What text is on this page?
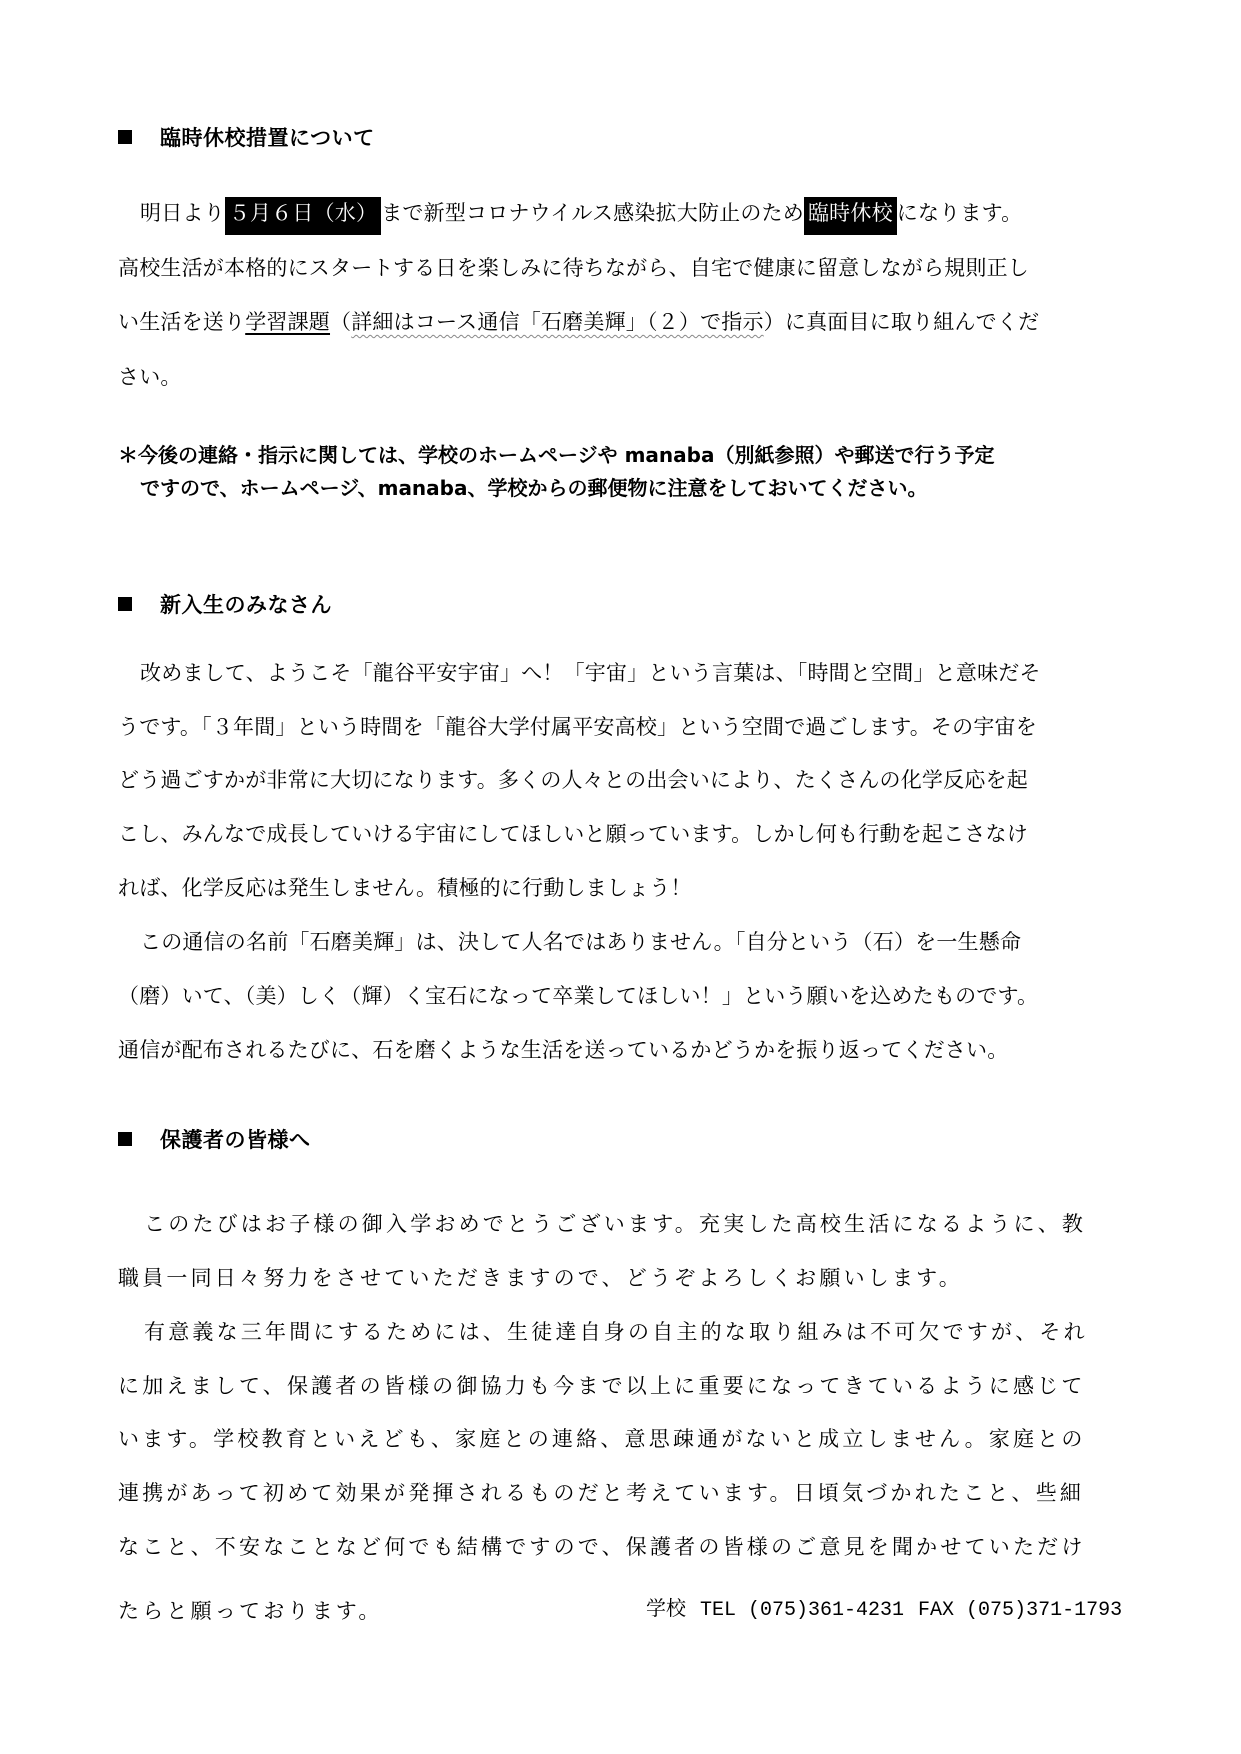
臨時休校措置について
明日より ５月６日（水） まで新型コロナウイルス感染拡大防止のため 臨時休校 になります。
高校生活が本格的にスタートする日を楽しみに待ちながら、自宅で健康に留意しながら規則正し
い生活を送り学習課題（詳細はコース通信「石磨美輝」（２）で指示）に真面目に取り組んでくだ
さい。
＊今後の連絡・指示に関しては、学校のホームページや manaba（別紙参照）や郵送で行う予定
ですので、ホームページ、manaba、学校からの郵便物に注意をしておいてください。
新入生のみなさん
改めまして、ようこそ「龍谷平安宇宙」へ！「宇宙」という言葉は、「時間と空間」と意味だそ
うです。「３年間」という時間を「龍谷大学付属平安高校」という空間で過ごします。その宇宙を
どう過ごすかが非常に大切になります。多くの人々との出会いにより、たくさんの化学反応を起
こし、みんなで成長していける宇宙にしてほしいと願っています。しかし何も行動を起こさなけ
れば、化学反応は発生しません。積極的に行動しましょう！
この通信の名前「石磨美輝」は、決して人名ではありません。「自分という（石）を一生懸命
（磨）いて、（美）しく（輝）く宝石になって卒業してほしい！」という願いを込めたものです。
通信が配布されるたびに、石を磨くような生活を送っているかどうかを振り返ってください。
保護者の皆様へ
このたびはお子様の御入学おめでとうございます。充実した高校生活になるように、教
職員一同日々努力をさせていただきますので、どうぞよろしくお願いします。
有意義な三年間にするためには、生徒達自身の自主的な取り組みは不可欠ですが、それ
に加えまして、保護者の皆様の御協力も今まで以上に重要になってきているように感じて
います。学校教育といえども、家庭との連絡、意思疎通がないと成立しません。家庭との
連携があって初めて効果が発揮されるものだと考えています。日頃気づかれたこと、些細
なこと、不安なことなど何でも結構ですので、保護者の皆様のご意見を聞かせていただけ
たらと願っております。	学校 TEL (075)361-4231 FAX (075)371-1793
